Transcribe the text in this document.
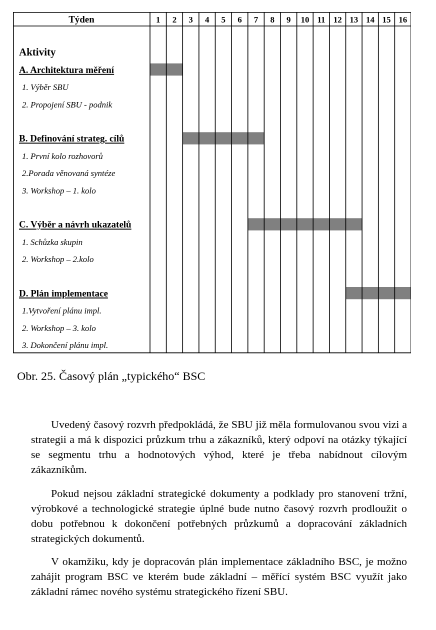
Týden	1 2 3 4 5 6 7 8 9 10 11 12 13 14 15 16
Aktivity
A. Architektura měření
1. Výběr SBU
2. Propojení SBU - podnik
B. Definování strateg. cílů
1. První kolo rozhovorů
2.Porada věnovaná syntéze
3. Workshop – 1. kolo
C. Výběr a návrh ukazatelů
1. Schůzka skupin
2. Workshop – 2.kolo
D. Plán implementace
1.Vytvoření plánu impl.
2. Workshop – 3. kolo
3. Dokončení plánu impl.
Obr. 25. Časový plán „typického“ BSC

Uvedený časový rozvrh předpokládá, že SBU již měla formulovanou svou vizi a strategii a má k dispozici průzkum trhu a zákazníků, který odpoví na otázky týkající se segmentu trhu a hodnotových výhod, které je třeba nabídnout cílovým zákazníkům.

Pokud nejsou základní strategické dokumenty a podklady pro stanovení tržní, výrobkové a technologické strategie úplné bude nutno časový rozvrh prodloužit o dobu potřebnou k dokončení potřebných průzkumů a dopracování základních strategických dokumentů.

V okamžiku, kdy je dopracován plán implementace základního BSC, je možno zahájit program BSC ve kterém bude základní – měřící systém BSC využít jako základní rámec nového systému strategického řízení SBU.
